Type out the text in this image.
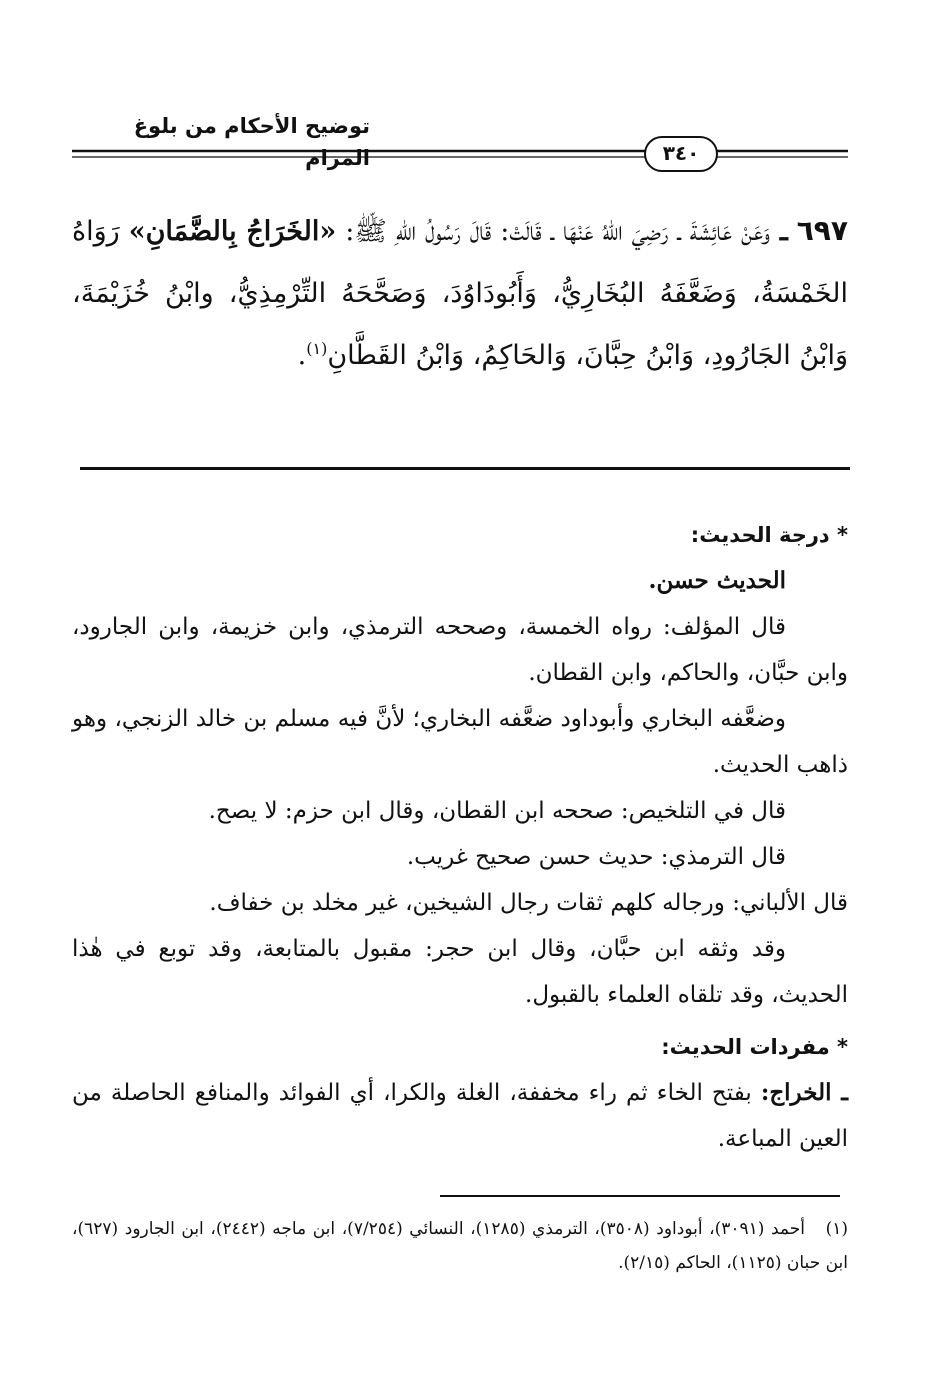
توضيح الأحكام من بلوغ المرام	٣٤٠
٦٩٧ ـ وَعَنْ عَائِشَةَ ـ رَضِيَ اللهُ عَنْهَا ـ قَالَتْ: قَالَ رَسُولُ اللهِ ﷺ: «الخَرَاجُ بِالضَّمَانِ» رَوَاهُ الخَمْسَةُ، وَضَعَّفَهُ البُخَارِيُّ، وَأَبُودَاوُدَ، وَصَحَّحَهُ التِّرْمِذِيُّ، وابْنُ خُزَيْمَةَ، وَابْنُ الجَارُودِ، وَابْنُ حِبَّانَ، وَالحَاكِمُ، وَابْنُ القَطَّانِ$^{(١)}$.

* درجة الحديث:

الحديث حسن.

قال المؤلف: رواه الخمسة، وصححه الترمذي، وابن خزيمة، وابن الجارود، وابن حبَّان، والحاكم، وابن القطان.

وضعَّفه البخاري وأبوداود ضعَّفه البخاري؛ لأنَّ فيه مسلم بن خالد الزنجي، وهو ذاهب الحديث.

قال في التلخيص: صححه ابن القطان، وقال ابن حزم: لا يصح.

قال الترمذي: حديث حسن صحيح غريب.

قال الألباني: ورجاله كلهم ثقات رجال الشيخين، غير مخلد بن خفاف.

وقد وثقه ابن حبَّان، وقال ابن حجر: مقبول بالمتابعة، وقد توبع في هٰذا الحديث، وقد تلقاه العلماء بالقبول.

* مفردات الحديث:

ـ الخراج: بفتح الخاء ثم راء مخففة، الغلة والكرا، أي الفوائد والمنافع الحاصلة من العين المباعة.

(١) أحمد (٣٠٩١)، أبوداود (٣٥٠٨)، الترمذي (١٢٨٥)، النسائي (٧/٢٥٤)، ابن ماجه (٢٤٤٢)، ابن الجارود (٦٢٧)، ابن حبان (١١٢٥)، الحاكم (٢/١٥).
